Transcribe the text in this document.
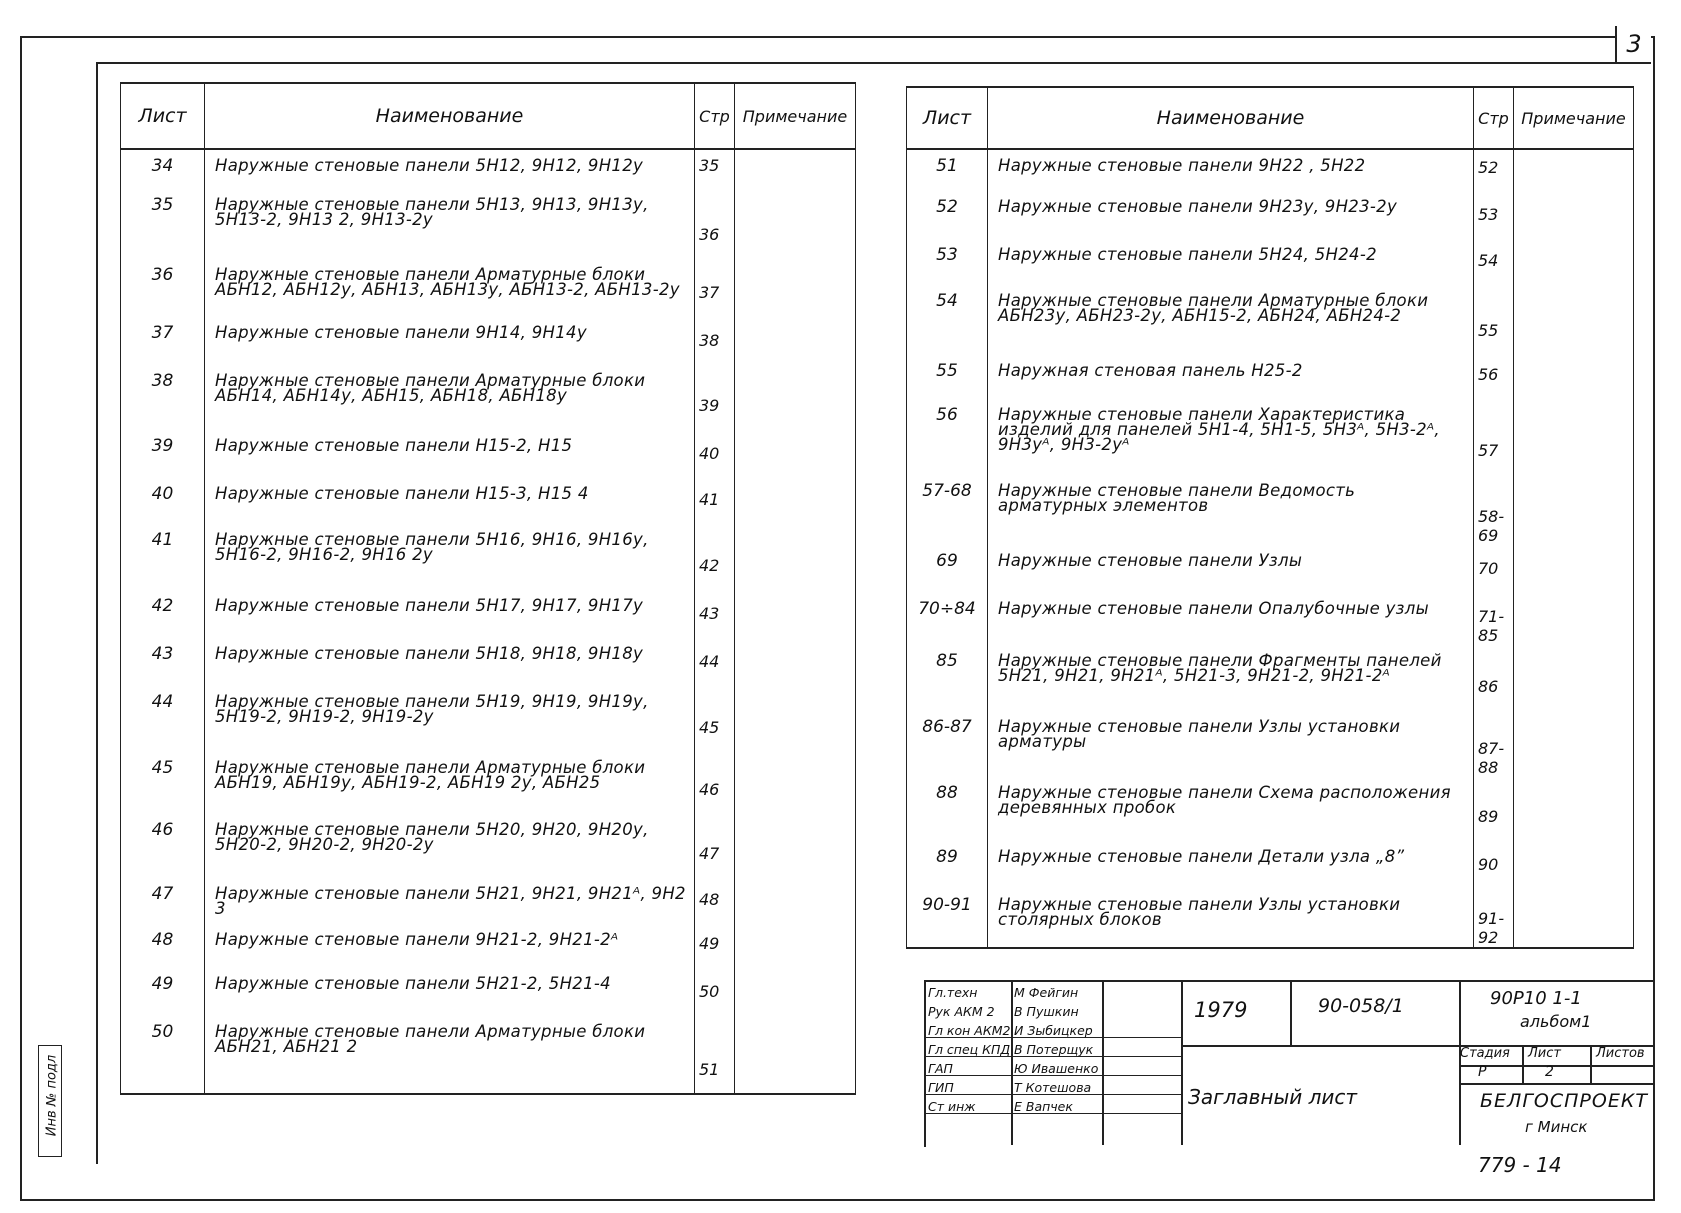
3
Лист	Наименование	Стр	Примечание
34	Наружные стеновые панели 5Н12, 9Н12, 9Н12у	35	

35	Наружные стеновые панели 5Н13, 9Н13, 9Н13у, 5Н13-2, 9Н13 2, 9Н13-2у	36	

36	Наружные стеновые панели Арматурные блоки АБН12, АБН12у, АБН13, АБН13у, АБН13-2, АБН13-2у	37	

37	Наружные стеновые панели 9Н14, 9Н14у	38	

38	Наружные стеновые панели Арматурные блоки АБН14, АБН14у, АБН15, АБН18, АБН18у	39	

39	Наружные стеновые панели Н15-2, Н15	40	

40	Наружные стеновые панели Н15-3, Н15 4	41	

41	Наружные стеновые панели 5Н16, 9Н16, 9Н16у, 5Н16-2, 9Н16-2, 9Н16 2у	42	

42	Наружные стеновые панели 5Н17, 9Н17, 9Н17у	43	

43	Наружные стеновые панели 5Н18, 9Н18, 9Н18у	44	

44	Наружные стеновые панели 5Н19, 9Н19, 9Н19у, 5Н19-2, 9Н19-2, 9Н19-2у	45	

45	Наружные стеновые панели Арматурные блоки АБН19, АБН19у, АБН19-2, АБН19 2у, АБН25	46	

46	Наружные стеновые панели 5Н20, 9Н20, 9Н20у, 5Н20-2, 9Н20-2, 9Н20-2у	47	

47	Наружные стеновые панели 5Н21, 9Н21, 9Н21ᴬ, 9Н2 3	48	

48	Наружные стеновые панели 9Н21-2, 9Н21-2ᴬ	49	

49	Наружные стеновые панели 5Н21-2, 5Н21-4	50	

50	Наружные стеновые панели Арматурные блоки АБН21, АБН21 2	51	

Лист	Наименование	Стр	Примечание
51	Наружные стеновые панели 9Н22 , 5Н22	52	

52	Наружные стеновые панели 9Н23у, 9Н23-2у	53	

53	Наружные стеновые панели 5Н24, 5Н24-2	54	

54	Наружные стеновые панели Арматурные блоки АБН23у, АБН23-2у, АБН15-2, АБН24, АБН24-2	55	

55	Наружная стеновая панель Н25-2	56	

56	Наружные стеновые панели Характеристика изделий для панелей 5Н1-4, 5Н1-5, 5Н3ᴬ, 5Н3-2ᴬ, 9Н3уᴬ, 9Н3-2уᴬ	57	

57-68	Наружные стеновые панели Ведомость арматурных элементов	58-69	

69	Наружные стеновые панели Узлы	70	

70÷84	Наружные стеновые панели Опалубочные узлы	71-85	

85	Наружные стеновые панели Фрагменты панелей 5Н21, 9Н21, 9Н21ᴬ, 5Н21-3, 9Н21-2, 9Н21-2ᴬ	86	

86-87	Наружные стеновые панели Узлы установки арматуры	87-88	

88	Наружные стеновые панели Схема расположения деревянных пробок	89	

89	Наружные стеновые панели Детали узла „8”	90	

90-91	Наружные стеновые панели Узлы установки столярных блоков	91-92	

Гл.техн	М Фейгин
Рук АКМ 2 В Пушкин
Гл кон АКМ2 И Зыбицкер
Гл спец КПД В Потерщук
ГАП	Ю Ивашенко
ГИП	Т Котешова
Ст инж	Е Вапчек
1979	90-058/1	90Р10 1-1
альбом1
Заглавный лист
Стадия Лист	Листов
Р	2
БЕЛГОСПРОЕКТ
г Минск
779 - 14
Инв № подл
